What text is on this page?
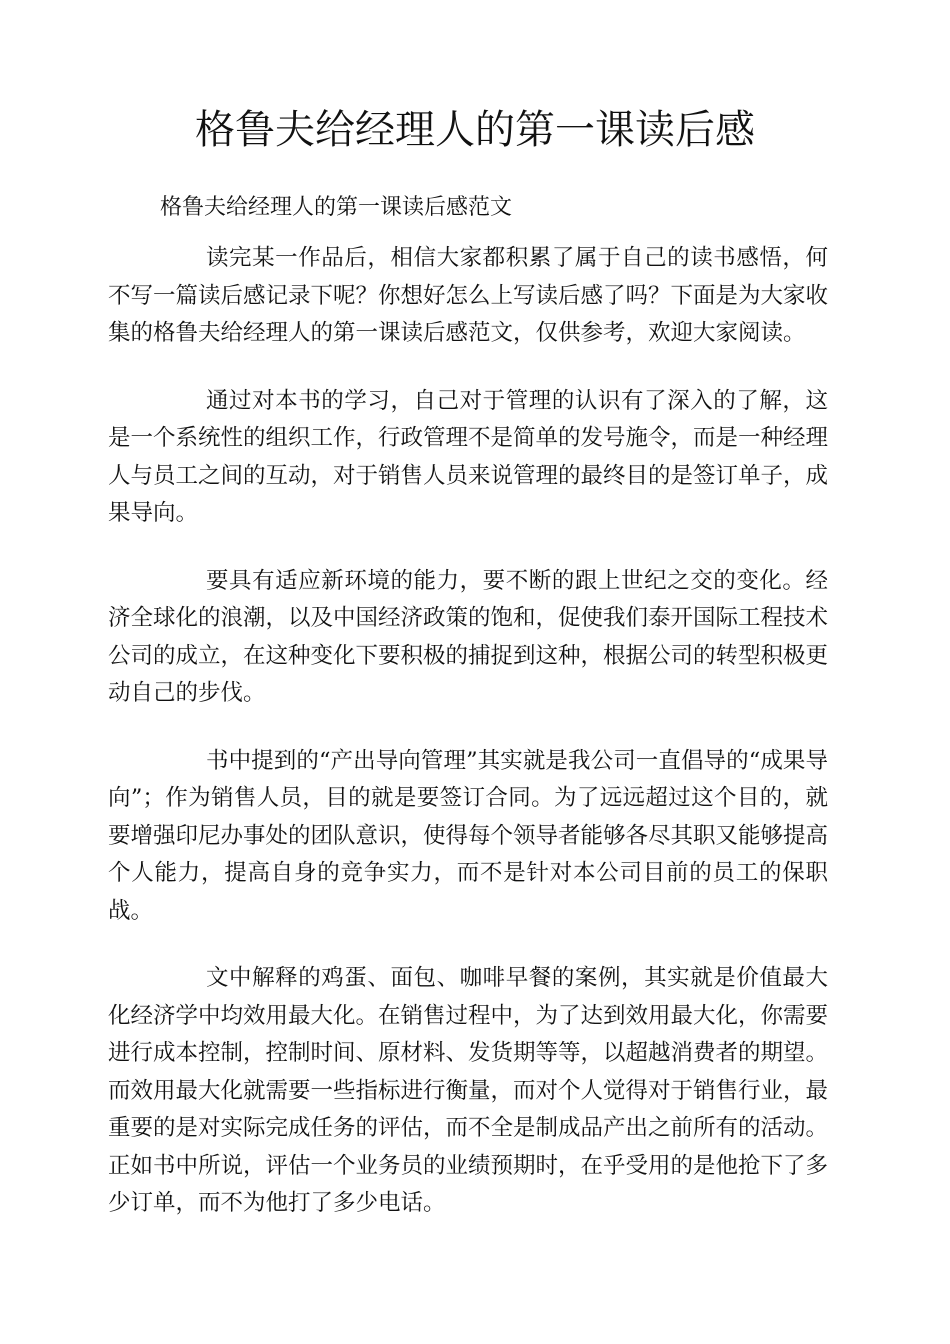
格鲁夫给经理人的第一课读后感

格鲁夫给经理人的第一课读后感范文

读完某一作品后，相信大家都积累了属于自己的读书感悟，何不写一篇读后感记录下呢？你想好怎么上写读后感了吗？下面是为大家收集的格鲁夫给经理人的第一课读后感范文，仅供参考，欢迎大家阅读。

通过对本书的学习，自己对于管理的认识有了深入的了解，这是一个系统性的组织工作，行政管理不是简单的发号施令，而是一种经理人与员工之间的互动，对于销售人员来说管理的最终目的是签订单子，成果导向。

要具有适应新环境的能力，要不断的跟上世纪之交的变化。经济全球化的浪潮，以及中国经济政策的饱和，促使我们泰开国际工程技术公司的成立，在这种变化下要积极的捕捉到这种，根据公司的转型积极更动自己的步伐。

书中提到的“产出导向管理”其实就是我公司一直倡导的“成果导向”；作为销售人员，目的就是要签订合同。为了远远超过这个目的，就要增强印尼办事处的团队意识，使得每个领导者能够各尽其职又能够提高个人能力，提高自身的竞争实力，而不是针对本公司目前的员工的保职战。

文中解释的鸡蛋、面包、咖啡早餐的案例，其实就是价值最大化经济学中均效用最大化。在销售过程中，为了达到效用最大化，你需要进行成本控制，控制时间、原材料、发货期等等，以超越消费者的期望。而效用最大化就需要一些指标进行衡量，而对个人觉得对于销售行业，最重要的是对实际完成任务的评估，而不全是制成品产出之前所有的活动。正如书中所说，评估一个业务员的业绩预期时，在乎受用的是他抢下了多少订单，而不为他打了多少电话。
